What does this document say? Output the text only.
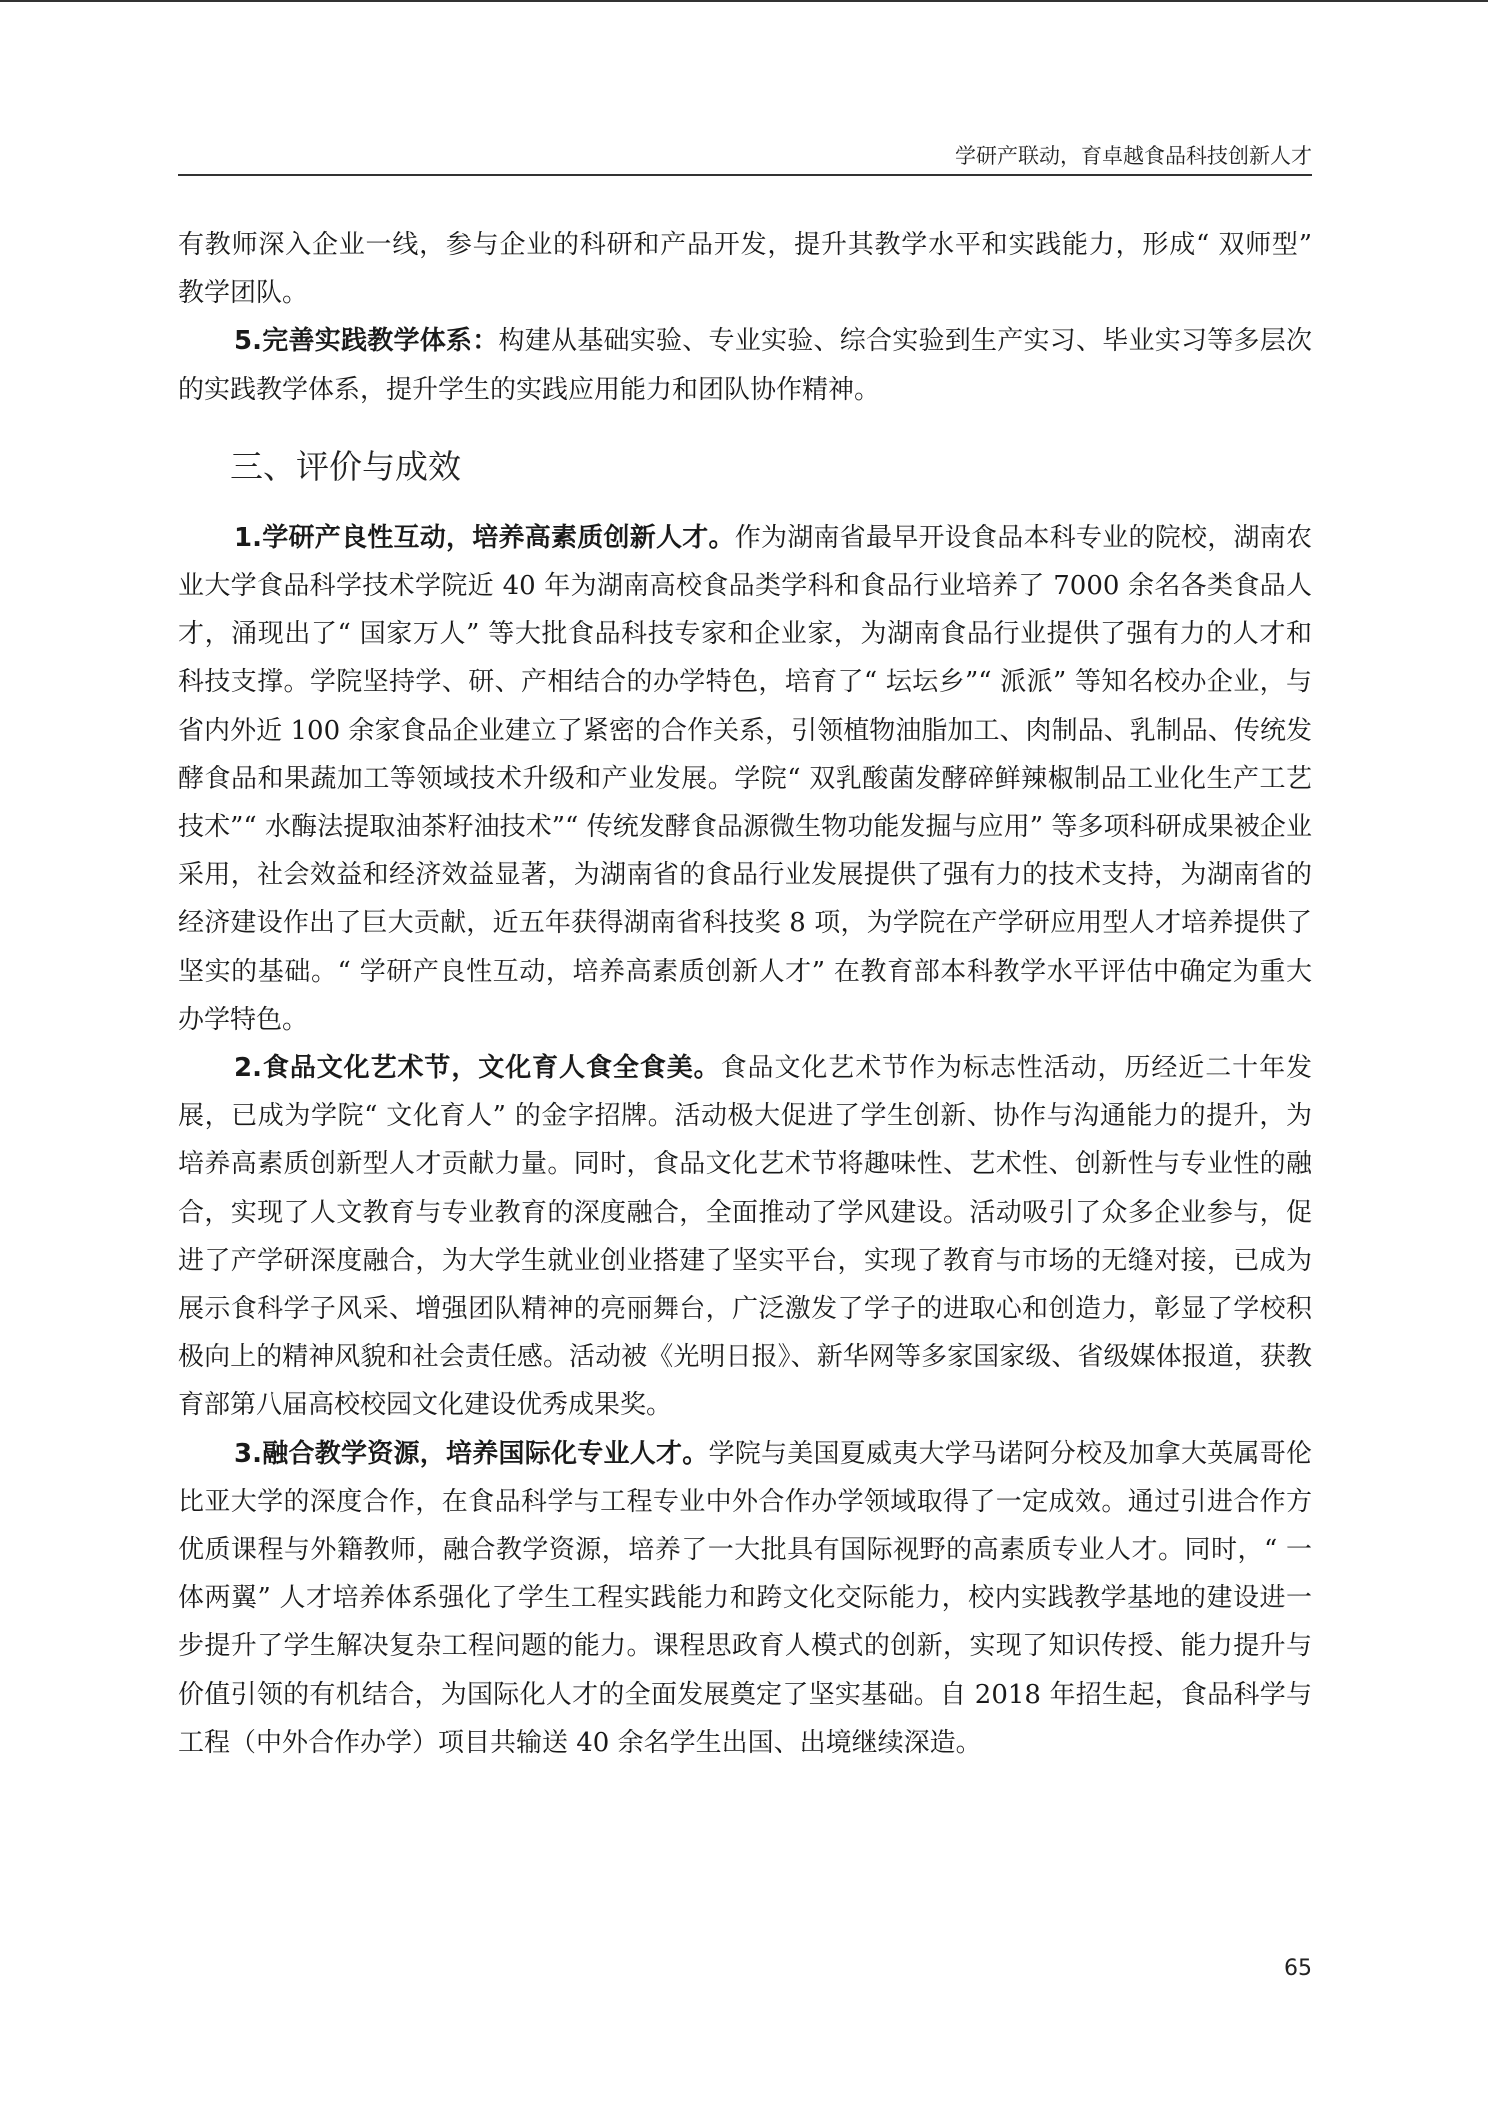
学研产联动，育卓越食品科技创新人才

有教师深入企业一线，参与企业的科研和产品开发，提升其教学水平和实践能力，形成“ 双师型” 教学团队。

5.完善实践教学体系：构建从基础实验、专业实验、综合实验到生产实习、毕业实习等多层次的实践教学体系，提升学生的实践应用能力和团队协作精神。

三、评价与成效

1.学研产良性互动，培养高素质创新人才。作为湖南省最早开设食品本科专业的院校，湖南农业大学食品科学技术学院近 40 年为湖南高校食品类学科和食品行业培养了 7000 余名各类食品人才，涌现出了“ 国家万人” 等大批食品科技专家和企业家，为湖南食品行业提供了强有力的人才和科技支撑。学院坚持学、研、产相结合的办学特色，培育了“ 坛坛乡”“ 派派” 等知名校办企业，与省内外近 100 余家食品企业建立了紧密的合作关系，引领植物油脂加工、肉制品、乳制品、传统发酵食品和果蔬加工等领域技术升级和产业发展。学院“ 双乳酸菌发酵碎鲜辣椒制品工业化生产工艺技术”“ 水酶法提取油茶籽油技术”“ 传统发酵食品源微生物功能发掘与应用” 等多项科研成果被企业采用，社会效益和经济效益显著，为湖南省的食品行业发展提供了强有力的技术支持，为湖南省的经济建设作出了巨大贡献，近五年获得湖南省科技奖 8 项，为学院在产学研应用型人才培养提供了坚实的基础。“ 学研产良性互动，培养高素质创新人才” 在教育部本科教学水平评估中确定为重大办学特色。

2.食品文化艺术节，文化育人食全食美。食品文化艺术节作为标志性活动，历经近二十年发展，已成为学院“ 文化育人” 的金字招牌。活动极大促进了学生创新、协作与沟通能力的提升，为培养高素质创新型人才贡献力量。同时，食品文化艺术节将趣味性、艺术性、创新性与专业性的融合，实现了人文教育与专业教育的深度融合，全面推动了学风建设。活动吸引了众多企业参与，促进了产学研深度融合，为大学生就业创业搭建了坚实平台，实现了教育与市场的无缝对接，已成为展示食科学子风采、增强团队精神的亮丽舞台，广泛激发了学子的进取心和创造力，彰显了学校积极向上的精神风貌和社会责任感。活动被《光明日报》、新华网等多家国家级、省级媒体报道，获教育部第八届高校校园文化建设优秀成果奖。

3.融合教学资源，培养国际化专业人才。学院与美国夏威夷大学马诺阿分校及加拿大英属哥伦比亚大学的深度合作，在食品科学与工程专业中外合作办学领域取得了一定成效。通过引进合作方优质课程与外籍教师，融合教学资源，培养了一大批具有国际视野的高素质专业人才。同时，“ 一体两翼” 人才培养体系强化了学生工程实践能力和跨文化交际能力，校内实践教学基地的建设进一步提升了学生解决复杂工程问题的能力。课程思政育人模式的创新，实现了知识传授、能力提升与价值引领的有机结合，为国际化人才的全面发展奠定了坚实基础。自 2018 年招生起，食品科学与工程（中外合作办学）项目共输送 40 余名学生出国、出境继续深造。

65
